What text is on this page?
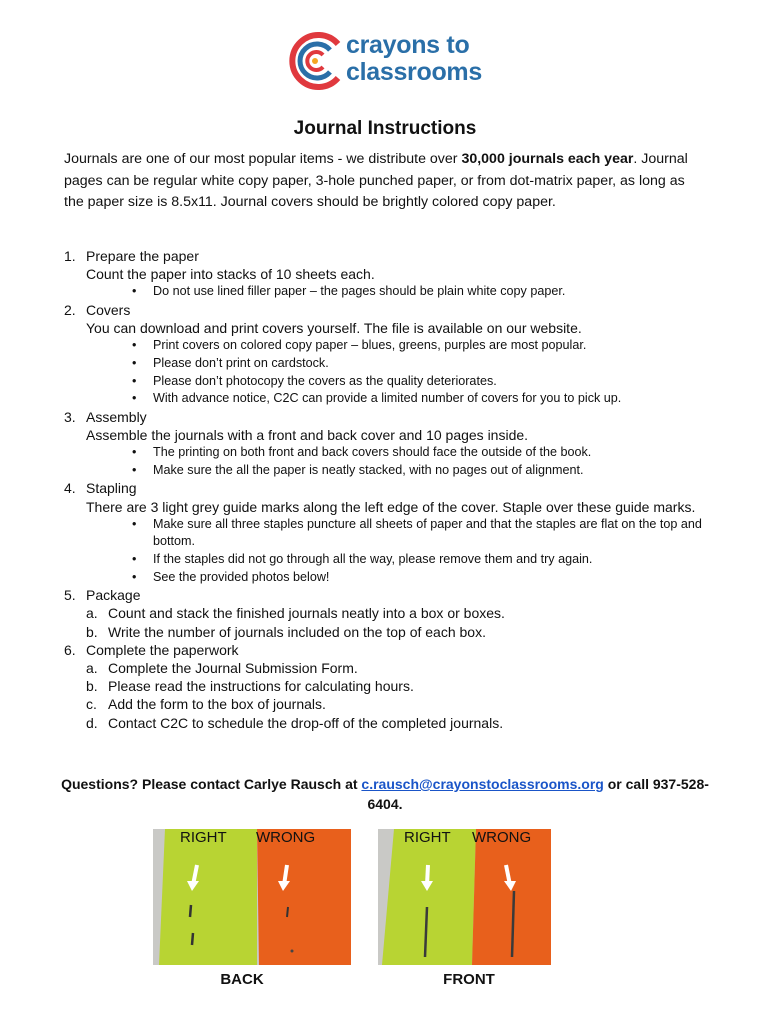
crayons to
classrooms
Journal Instructions
Journals are one of our most popular items - we distribute over 30,000 journals each year. Journal pages can be regular white copy paper, 3-hole punched paper, or from dot-matrix paper, as long as the paper size is 8.5x11. Journal covers should be brightly colored copy paper.
1. Prepare the paper
Count the paper into stacks of 10 sheets each.
• Do not use lined filler paper – the pages should be plain white copy paper.
2. Covers
You can download and print covers yourself. The file is available on our website.
• Print covers on colored copy paper – blues, greens, purples are most popular.
• Please don’t print on cardstock.
• Please don’t photocopy the covers as the quality deteriorates.
• With advance notice, C2C can provide a limited number of covers for you to pick up.
3. Assembly
Assemble the journals with a front and back cover and 10 pages inside.
• The printing on both front and back covers should face the outside of the book.
• Make sure the all the paper is neatly stacked, with no pages out of alignment.
4. Stapling
There are 3 light grey guide marks along the left edge of the cover. Staple over these guide marks.
• Make sure all three staples puncture all sheets of paper and that the staples are flat on the top and bottom.
• If the staples did not go through all the way, please remove them and try again.
• See the provided photos below!
5. Package
a. Count and stack the finished journals neatly into a box or boxes.
b. Write the number of journals included on the top of each box.
6. Complete the paperwork
a. Complete the Journal Submission Form.
b. Please read the instructions for calculating hours.
c. Add the form to the box of journals.
d. Contact C2C to schedule the drop-off of the completed journals.
Questions? Please contact Carlye Rausch at c.rausch@crayonstoclassrooms.org or call 937-528-6404.
RIGHT WRONG
BACK
RIGHT WRONG
FRONT
